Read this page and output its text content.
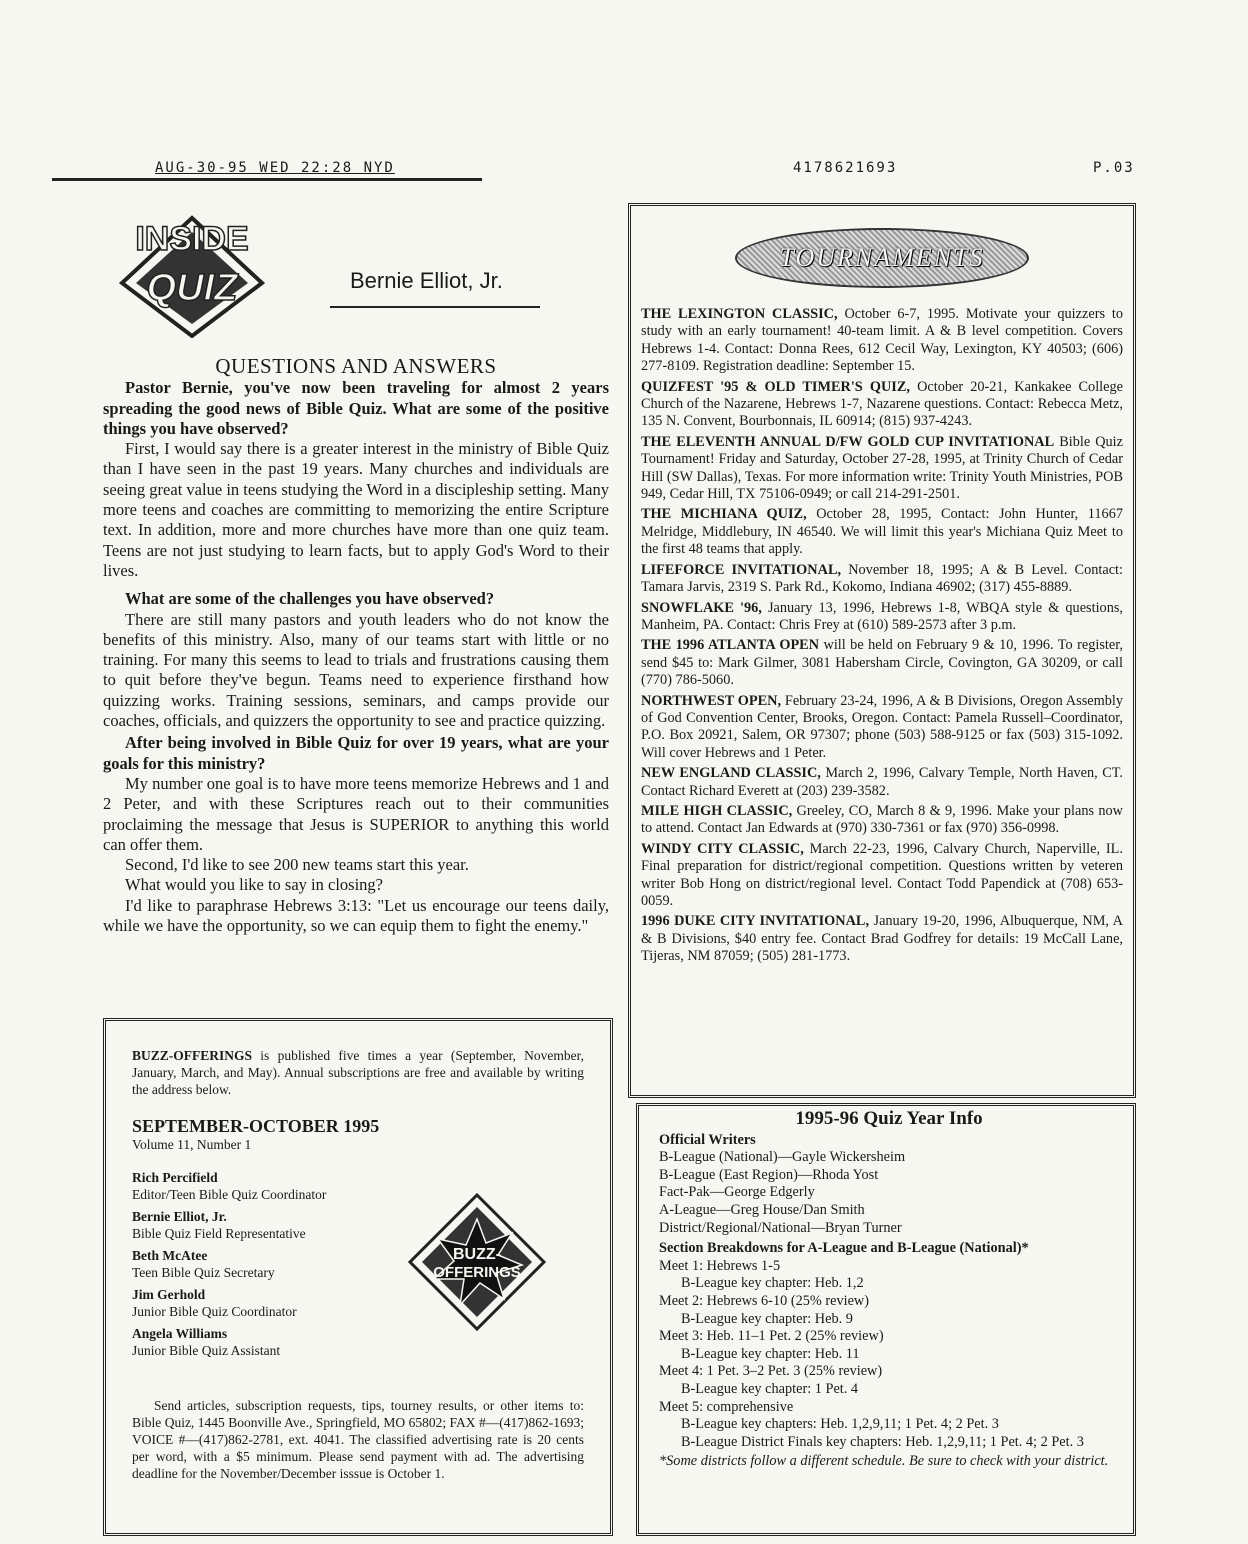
AUG-30-95 WED 22:28 NYD	4178621693	P.03
INSIDE
QUIZ	Bernie Elliot, Jr.
QUESTIONS AND ANSWERS

Pastor Bernie, you've now been traveling for almost 2 years spreading the good news of Bible Quiz. What are some of the positive things you have observed?

First, I would say there is a greater interest in the ministry of Bible Quiz than I have seen in the past 19 years. Many churches and individuals are seeing great value in teens studying the Word in a discipleship setting. Many more teens and coaches are committing to memorizing the entire Scripture text. In addition, more and more churches have more than one quiz team. Teens are not just studying to learn facts, but to apply God's Word to their lives.

What are some of the challenges you have observed?

There are still many pastors and youth leaders who do not know the benefits of this ministry. Also, many of our teams start with little or no training. For many this seems to lead to trials and frustrations causing them to quit before they've begun. Teams need to experience firsthand how quizzing works. Training sessions, seminars, and camps provide our coaches, officials, and quizzers the opportunity to see and practice quizzing.

After being involved in Bible Quiz for over 19 years, what are your goals for this ministry?

My number one goal is to have more teens memorize Hebrews and 1 and 2 Peter, and with these Scriptures reach out to their communities proclaiming the message that Jesus is SUPERIOR to anything this world can offer them.

Second, I'd like to see 200 new teams start this year.

What would you like to say in closing?

I'd like to paraphrase Hebrews 3:13: "Let us encourage our teens daily, while we have the opportunity, so we can equip them to fight the enemy."

BUZZ-OFFERINGS is published five times a year (September, November, January, March, and May). Annual subscriptions are free and available by writing the address below.
SEPTEMBER-OCTOBER 1995
Volume 11, Number 1
Rich Percifield
Editor/Teen Bible Quiz Coordinator
Bernie Elliot, Jr.
Bible Quiz Field Representative
Beth McAtee
Teen Bible Quiz Secretary
Jim Gerhold
Junior Bible Quiz Coordinator
Angela Williams
Junior Bible Quiz Assistant
Send articles, subscription requests, tips, tourney results, or other items to: Bible Quiz, 1445 Boonville Ave., Springfield, MO 65802; FAX #—(417)862-1693; VOICE #—(417)862-2781, ext. 4041. The classified advertising rate is 20 cents per word, with a $5 minimum. Please send payment with ad. The advertising deadline for the November/December isssue is October 1.
BUZZ-
OFFERINGS
TOURNAMENTS

THE LEXINGTON CLASSIC, October 6-7, 1995. Motivate your quizzers to study with an early tournament! 40-team limit. A & B level competition. Covers Hebrews 1-4. Contact: Donna Rees, 612 Cecil Way, Lexington, KY 40503; (606) 277-8109. Registration deadline: September 15.

QUIZFEST '95 & OLD TIMER'S QUIZ, October 20-21, Kankakee College Church of the Nazarene, Hebrews 1-7, Nazarene questions. Contact: Rebecca Metz, 135 N. Convent, Bourbonnais, IL 60914; (815) 937-4243.

THE ELEVENTH ANNUAL D/FW GOLD CUP INVITATIONAL Bible Quiz Tournament! Friday and Saturday, October 27-28, 1995, at Trinity Church of Cedar Hill (SW Dallas), Texas. For more information write: Trinity Youth Ministries, POB 949, Cedar Hill, TX 75106-0949; or call 214-291-2501.

THE MICHIANA QUIZ, October 28, 1995, Contact: John Hunter, 11667 Melridge, Middlebury, IN 46540. We will limit this year's Michiana Quiz Meet to the first 48 teams that apply.

LIFEFORCE INVITATIONAL, November 18, 1995; A & B Level. Contact: Tamara Jarvis, 2319 S. Park Rd., Kokomo, Indiana 46902; (317) 455-8889.

SNOWFLAKE '96, January 13, 1996, Hebrews 1-8, WBQA style & questions, Manheim, PA. Contact: Chris Frey at (610) 589-2573 after 3 p.m.

THE 1996 ATLANTA OPEN will be held on February 9 & 10, 1996. To register, send $45 to: Mark Gilmer, 3081 Habersham Circle, Covington, GA 30209, or call (770) 786-5060.

NORTHWEST OPEN, February 23-24, 1996, A & B Divisions, Oregon Assembly of God Convention Center, Brooks, Oregon. Contact: Pamela Russell–Coordinator, P.O. Box 20921, Salem, OR 97307; phone (503) 588-9125 or fax (503) 315-1092. Will cover Hebrews and 1 Peter.

NEW ENGLAND CLASSIC, March 2, 1996, Calvary Temple, North Haven, CT. Contact Richard Everett at (203) 239-3582.

MILE HIGH CLASSIC, Greeley, CO, March 8 & 9, 1996. Make your plans now to attend. Contact Jan Edwards at (970) 330-7361 or fax (970) 356-0998.

WINDY CITY CLASSIC, March 22-23, 1996, Calvary Church, Naperville, IL. Final preparation for district/regional competition. Questions written by veteren writer Bob Hong on district/regional level. Contact Todd Papendick at (708) 653-0059.

1996 DUKE CITY INVITATIONAL, January 19-20, 1996, Albuquerque, NM, A & B Divisions, $40 entry fee. Contact Brad Godfrey for details: 19 McCall Lane, Tijeras, NM 87059; (505) 281-1773.

1995-96 Quiz Year Info
Official Writers
B-League (National)—Gayle Wickersheim
B-League (East Region)—Rhoda Yost
Fact-Pak—George Edgerly
A-League—Greg House/Dan Smith
District/Regional/National—Bryan Turner
Section Breakdowns for A-League and B-League (National)*
Meet 1: Hebrews 1-5
B-League key chapter: Heb. 1,2
Meet 2: Hebrews 6-10 (25% review)
B-League key chapter: Heb. 9
Meet 3: Heb. 11–1 Pet. 2 (25% review)
B-League key chapter: Heb. 11
Meet 4: 1 Pet. 3–2 Pet. 3 (25% review)
B-League key chapter: 1 Pet. 4
Meet 5: comprehensive
B-League key chapters: Heb. 1,2,9,11; 1 Pet. 4; 2 Pet. 3
B-League District Finals key chapters: Heb. 1,2,9,11; 1 Pet. 4; 2 Pet. 3
*Some districts follow a different schedule. Be sure to check with your district.
